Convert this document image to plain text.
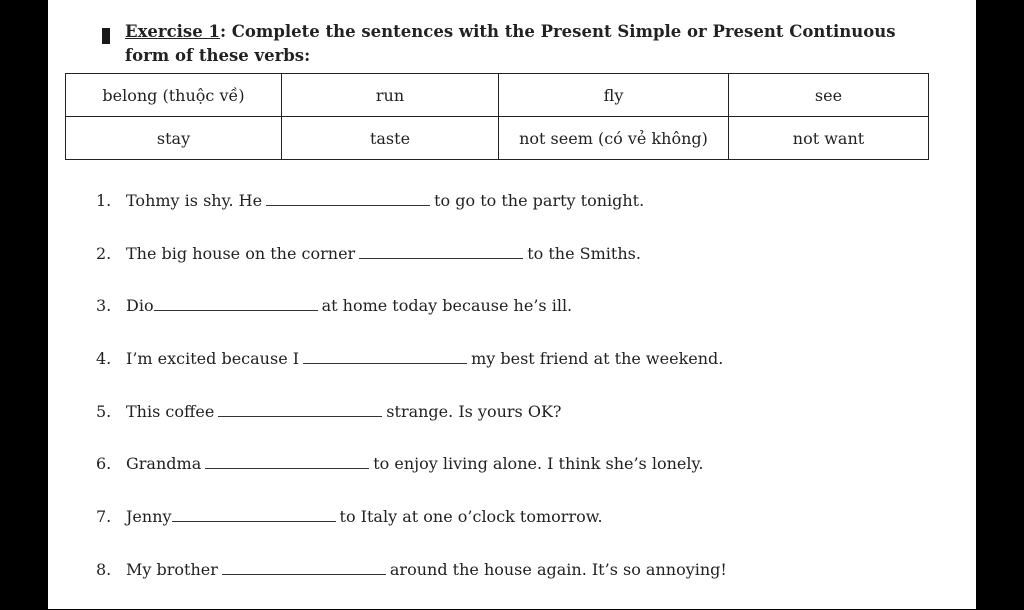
Exercise 1: Complete the sentences with the Present Simple or Present Continuous
form of these verbs:
belong (thuộc về)	run	fly	see
stay	taste	not seem (có vẻ không)	not want
1. Tohmy is shy. He	to go to the party tonight.
2. The big house on the corner	to the Smiths.
3. Dio	at home today because he’s ill.
4. I’m excited because I	my best friend at the weekend.
5. This coffee	strange. Is yours OK?
6. Grandma	to enjoy living alone. I think she’s lonely.
7. Jenny	to Italy at one o’clock tomorrow.
8. My brother	around the house again. It’s so annoying!
